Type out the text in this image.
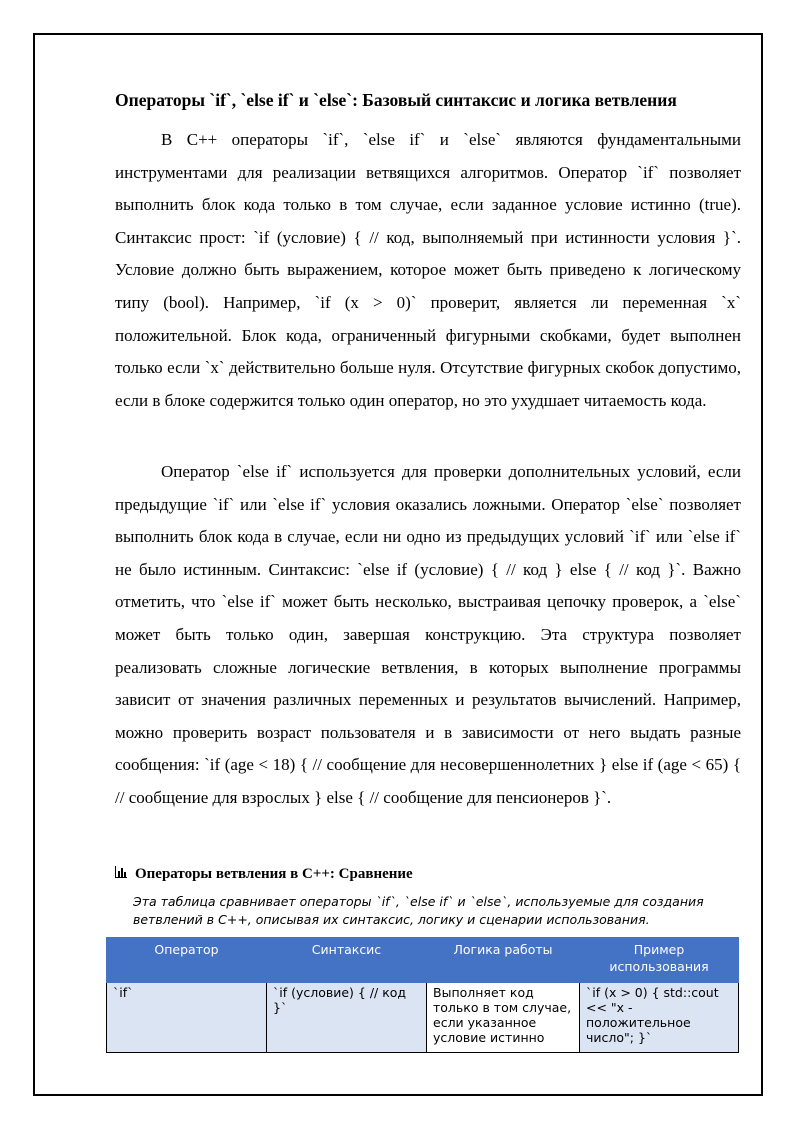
Операторы `if`, `else if` и `else`: Базовый синтаксис и логика ветвления

В C++ операторы `if`, `else if` и `else` являются фундаментальными инструментами для реализации ветвящихся алгоритмов. Оператор `if` позволяет выполнить блок кода только в том случае, если заданное условие истинно (true). Синтаксис прост: `if (условие) { // код, выполняемый при истинности условия }`. Условие должно быть выражением, которое может быть приведено к логическому типу (bool). Например, `if (x > 0)` проверит, является ли переменная `x` положительной. Блок кода, ограниченный фигурными скобками, будет выполнен только если `x` действительно больше нуля. Отсутствие фигурных скобок допустимо, если в блоке содержится только один оператор, но это ухудшает читаемость кода.

Оператор `else if` используется для проверки дополнительных условий, если предыдущие `if` или `else if` условия оказались ложными. Оператор `else` позволяет выполнить блок кода в случае, если ни одно из предыдущих условий `if` или `else if` не было истинным. Синтаксис: `else if (условие) { // код } else { // код }`. Важно отметить, что `else if` может быть несколько, выстраивая цепочку проверок, а `else` может быть только один, завершая конструкцию. Эта структура позволяет реализовать сложные логические ветвления, в которых выполнение программы зависит от значения различных переменных и результатов вычислений. Например, можно проверить возраст пользователя и в зависимости от него выдать разные сообщения: `if (age < 18) { // сообщение для несовершеннолетних } else if (age < 65) { // сообщение для взрослых } else { // сообщение для пенсионеров }`.

Операторы ветвления в C++: Сравнение
Эта таблица сравнивает операторы `if`, `else if` и `else`, используемые для создания ветвлений в C++, описывая их синтаксис, логику и сценарии использования.
Оператор	Синтаксис	Логика работы	Пример использования
`if`	`if (условие) { // код }`	Выполняет код только в том случае, если указанное условие истинно	`if (x > 0) { std::cout << "x - положительное число"; }`
